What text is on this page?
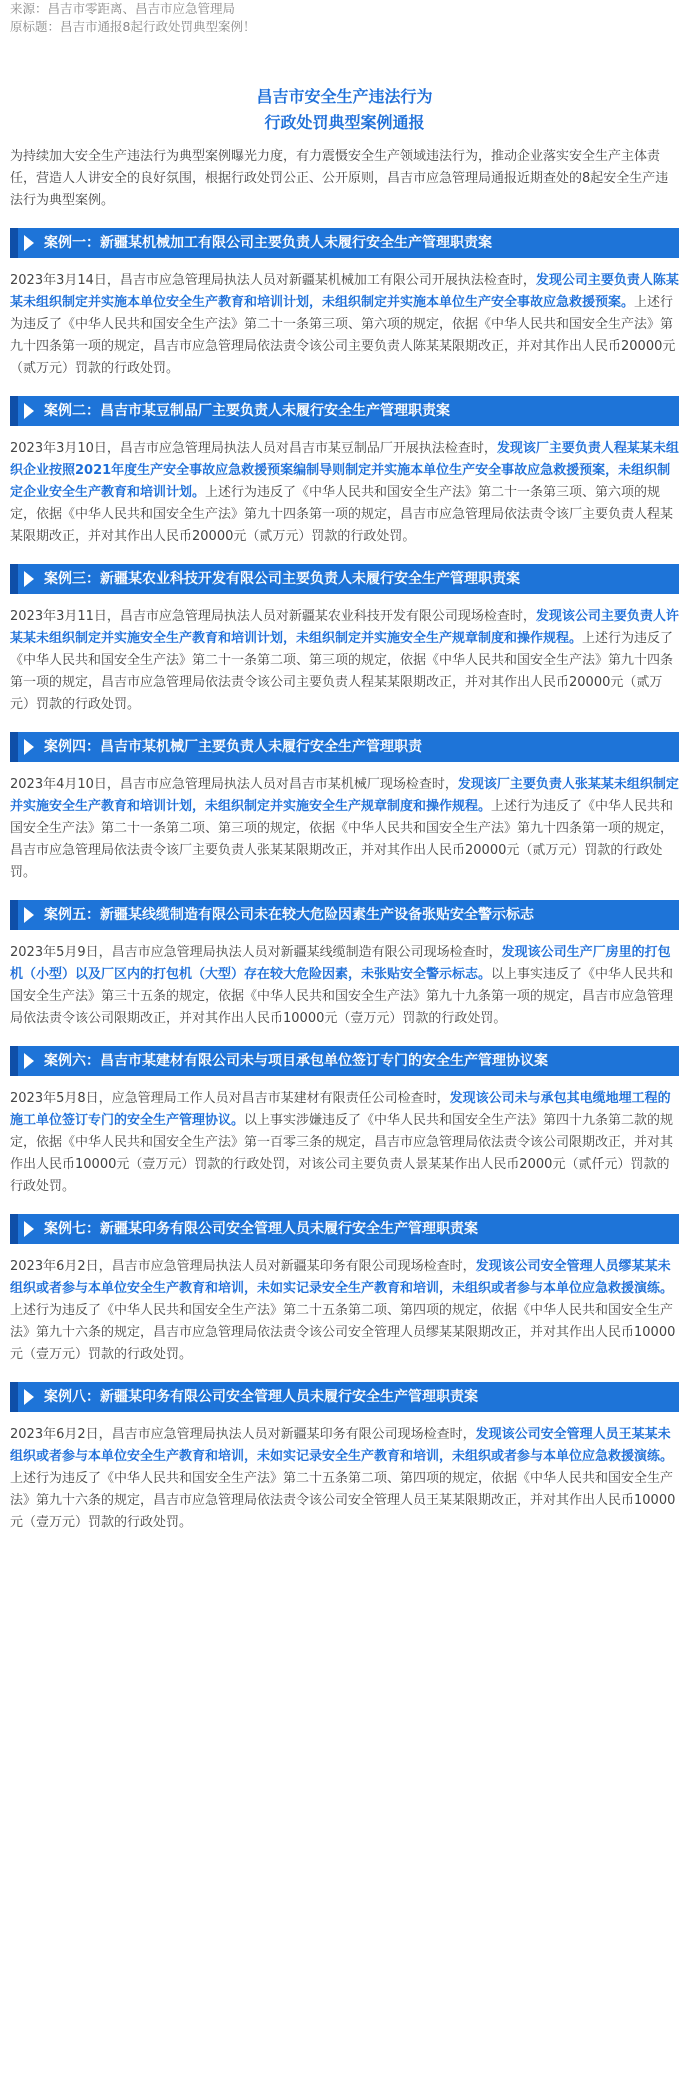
来源：昌吉市零距离、昌吉市应急管理局
原标题：昌吉市通报8起行政处罚典型案例！
昌吉市安全生产违法行为
行政处罚典型案例通报
为持续加大安全生产违法行为典型案例曝光力度，有力震慑安全生产领域违法行为，推动企业落实安全生产主体责任，营造人人讲安全的良好氛围，根据行政处罚公正、公开原则，昌吉市应急管理局通报近期查处的8起安全生产违法行为典型案例。
案例一：新疆某机械加工有限公司主要负责人未履行安全生产管理职责案
2023年3月14日，昌吉市应急管理局执法人员对新疆某机械加工有限公司开展执法检查时，发现公司主要负责人陈某某未组织制定并实施本单位安全生产教育和培训计划，未组织制定并实施本单位生产安全事故应急救援预案。上述行为违反了《中华人民共和国安全生产法》第二十一条第三项、第六项的规定，依据《中华人民共和国安全生产法》第九十四条第一项的规定，昌吉市应急管理局依法责令该公司主要负责人陈某某限期改正，并对其作出人民币20000元（贰万元）罚款的行政处罚。
案例二：昌吉市某豆制品厂主要负责人未履行安全生产管理职责案
2023年3月10日，昌吉市应急管理局执法人员对昌吉市某豆制品厂开展执法检查时，发现该厂主要负责人程某某未组织企业按照2021年度生产安全事故应急救援预案编制导则制定并实施本单位生产安全事故应急救援预案，未组织制定企业安全生产教育和培训计划。上述行为违反了《中华人民共和国安全生产法》第二十一条第三项、第六项的规定，依据《中华人民共和国安全生产法》第九十四条第一项的规定，昌吉市应急管理局依法责令该厂主要负责人程某某限期改正，并对其作出人民币20000元（贰万元）罚款的行政处罚。
案例三：新疆某农业科技开发有限公司主要负责人未履行安全生产管理职责案
2023年3月11日，昌吉市应急管理局执法人员对新疆某农业科技开发有限公司现场检查时，发现该公司主要负责人许某某未组织制定并实施安全生产教育和培训计划，未组织制定并实施安全生产规章制度和操作规程。上述行为违反了《中华人民共和国安全生产法》第二十一条第二项、第三项的规定，依据《中华人民共和国安全生产法》第九十四条第一项的规定，昌吉市应急管理局依法责令该公司主要负责人程某某限期改正，并对其作出人民币20000元（贰万元）罚款的行政处罚。
案例四：昌吉市某机械厂主要负责人未履行安全生产管理职责
2023年4月10日，昌吉市应急管理局执法人员对昌吉市某机械厂现场检查时，发现该厂主要负责人张某某未组织制定并实施安全生产教育和培训计划，未组织制定并实施安全生产规章制度和操作规程。上述行为违反了《中华人民共和国安全生产法》第二十一条第二项、第三项的规定，依据《中华人民共和国安全生产法》第九十四条第一项的规定，昌吉市应急管理局依法责令该厂主要负责人张某某限期改正，并对其作出人民币20000元（贰万元）罚款的行政处罚。
案例五：新疆某线缆制造有限公司未在较大危险因素生产设备张贴安全警示标志
2023年5月9日，昌吉市应急管理局执法人员对新疆某线缆制造有限公司现场检查时，发现该公司生产厂房里的打包机（小型）以及厂区内的打包机（大型）存在较大危险因素，未张贴安全警示标志。以上事实违反了《中华人民共和国安全生产法》第三十五条的规定，依据《中华人民共和国安全生产法》第九十九条第一项的规定，昌吉市应急管理局依法责令该公司限期改正，并对其作出人民币10000元（壹万元）罚款的行政处罚。
案例六：昌吉市某建材有限公司未与项目承包单位签订专门的安全生产管理协议案
2023年5月8日，应急管理局工作人员对昌吉市某建材有限责任公司检查时，发现该公司未与承包其电缆地埋工程的施工单位签订专门的安全生产管理协议。以上事实涉嫌违反了《中华人民共和国安全生产法》第四十九条第二款的规定，依据《中华人民共和国安全生产法》第一百零三条的规定，昌吉市应急管理局依法责令该公司限期改正，并对其作出人民币10000元（壹万元）罚款的行政处罚，对该公司主要负责人景某某作出人民币2000元（贰仟元）罚款的行政处罚。
案例七：新疆某印务有限公司安全管理人员未履行安全生产管理职责案
2023年6月2日，昌吉市应急管理局执法人员对新疆某印务有限公司现场检查时，发现该公司安全管理人员缪某某未组织或者参与本单位安全生产教育和培训，未如实记录安全生产教育和培训，未组织或者参与本单位应急救援演练。上述行为违反了《中华人民共和国安全生产法》第二十五条第二项、第四项的规定，依据《中华人民共和国安全生产法》第九十六条的规定，昌吉市应急管理局依法责令该公司安全管理人员缪某某限期改正，并对其作出人民币10000元（壹万元）罚款的行政处罚。
案例八：新疆某印务有限公司安全管理人员未履行安全生产管理职责案
2023年6月2日，昌吉市应急管理局执法人员对新疆某印务有限公司现场检查时，发现该公司安全管理人员王某某未组织或者参与本单位安全生产教育和培训，未如实记录安全生产教育和培训，未组织或者参与本单位应急救援演练。上述行为违反了《中华人民共和国安全生产法》第二十五条第二项、第四项的规定，依据《中华人民共和国安全生产法》第九十六条的规定，昌吉市应急管理局依法责令该公司安全管理人员王某某限期改正，并对其作出人民币10000元（壹万元）罚款的行政处罚。
